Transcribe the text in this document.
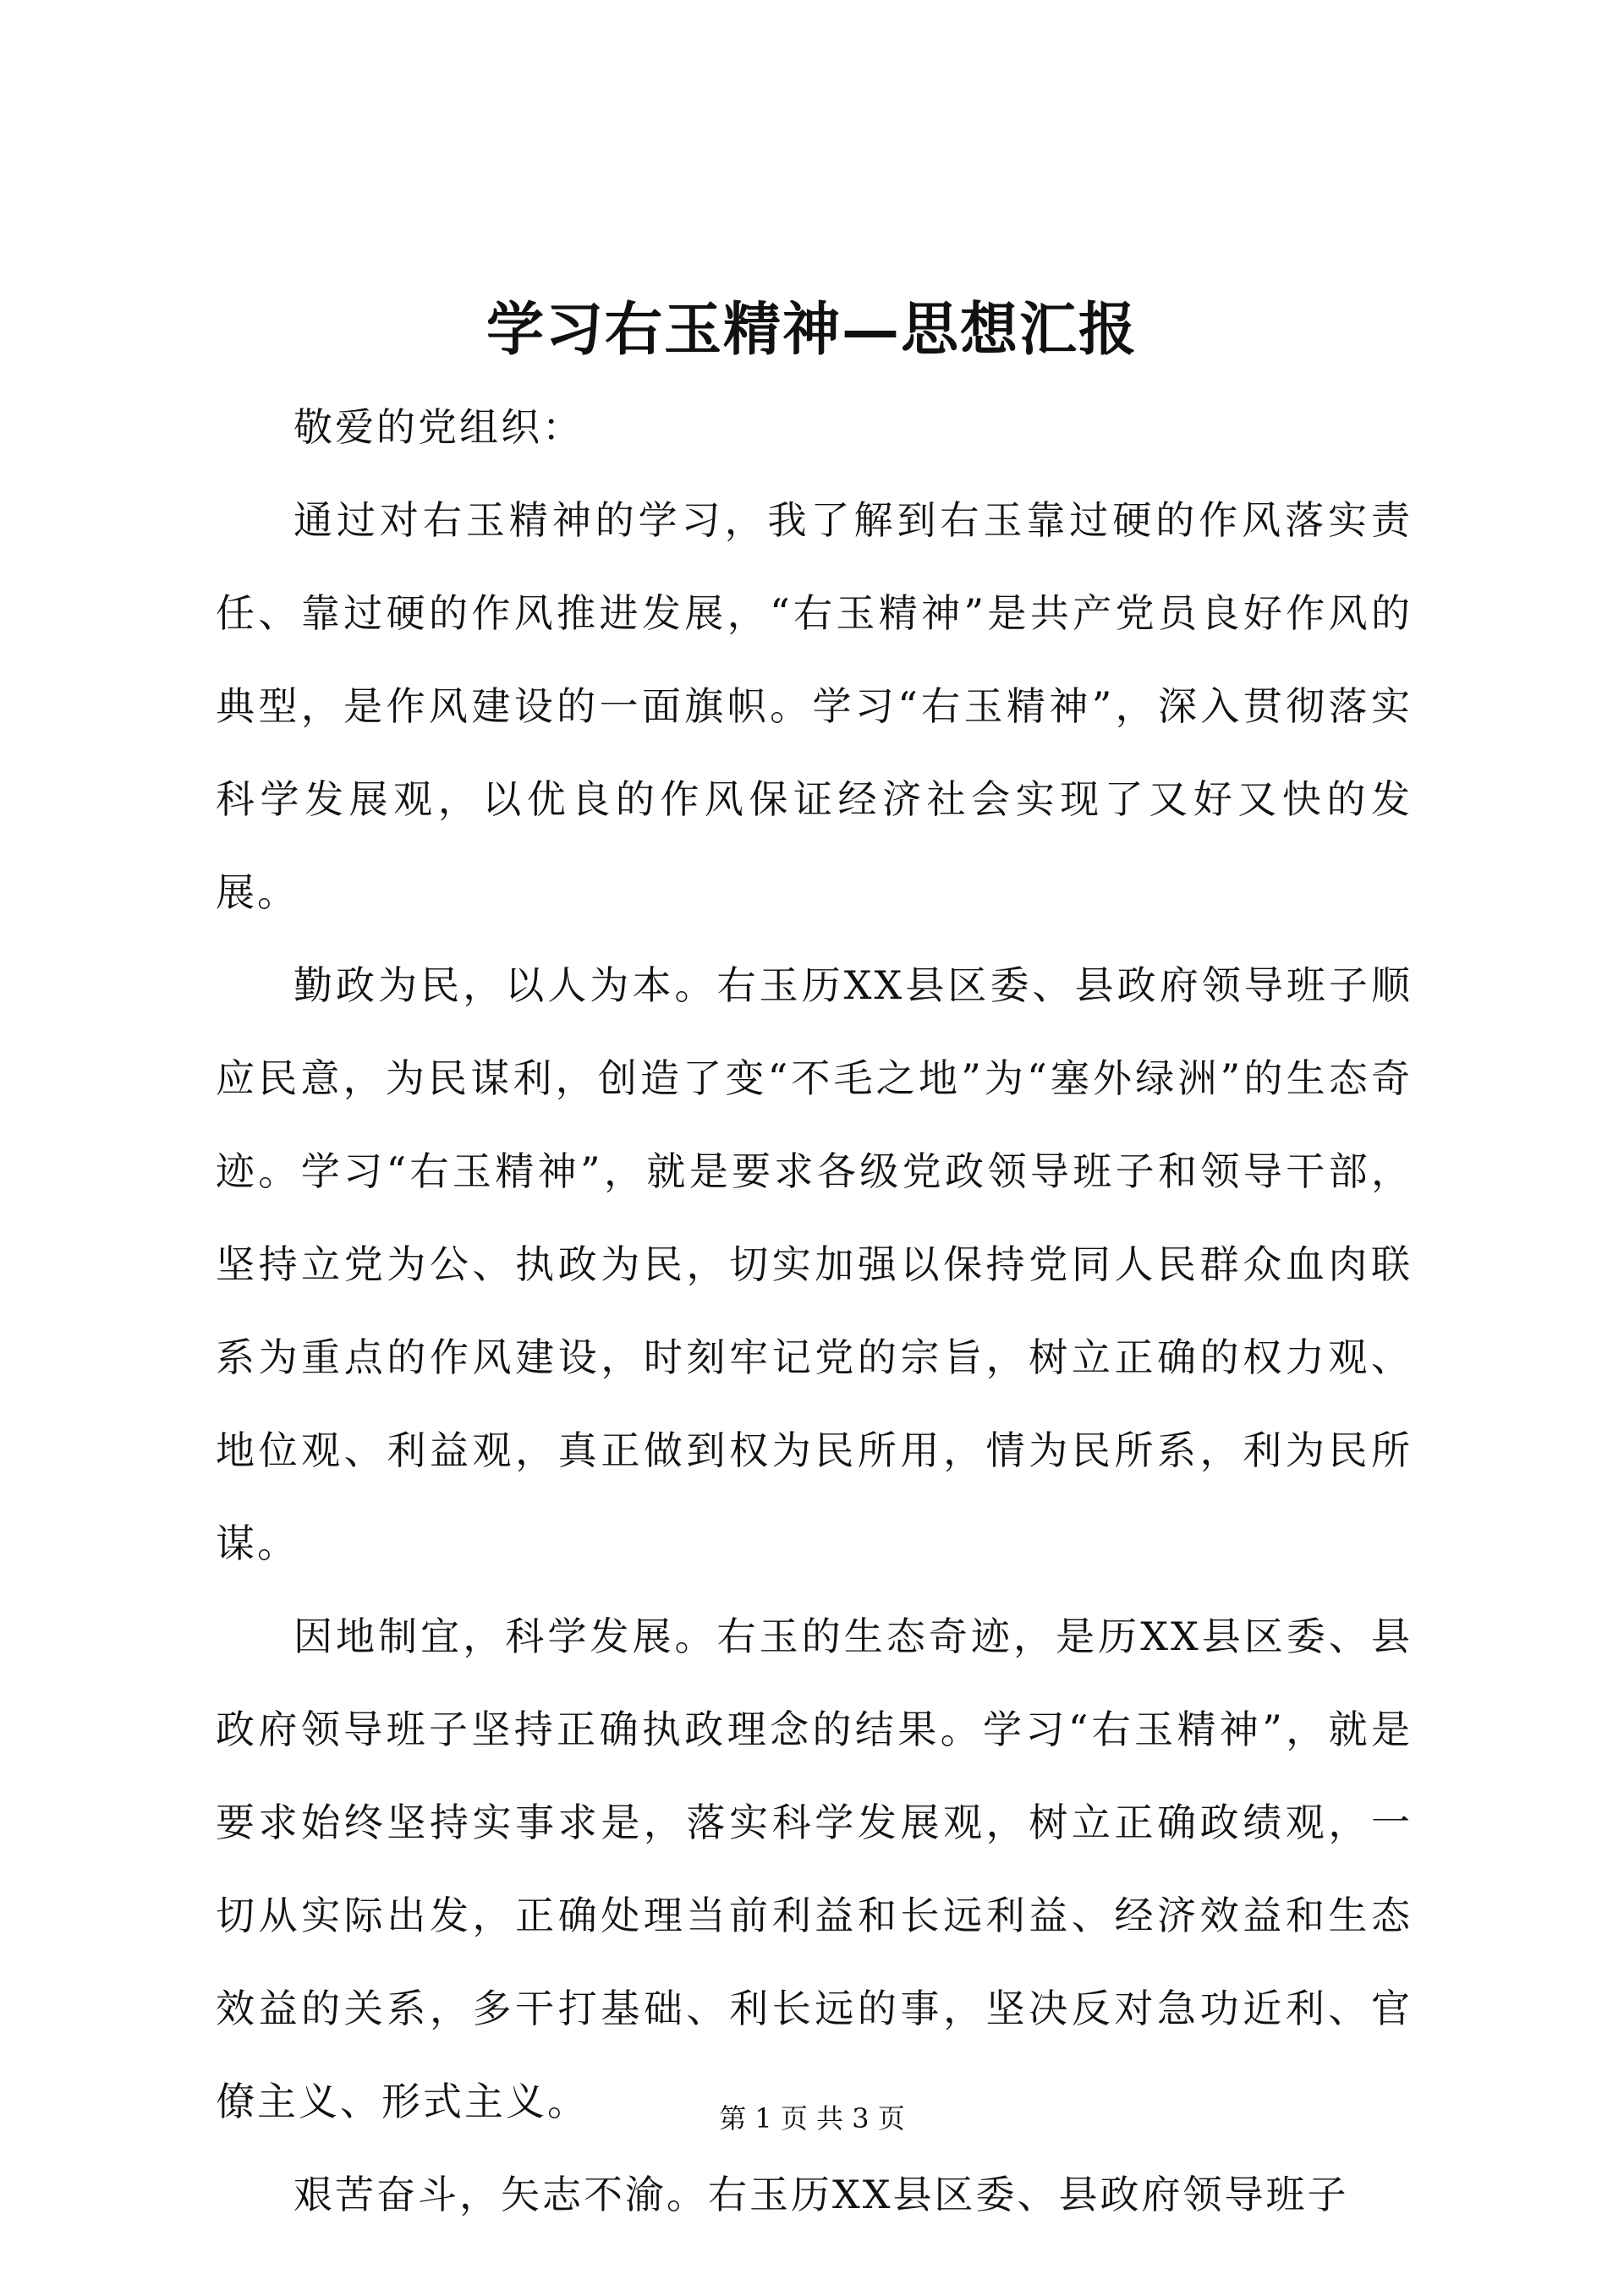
学习右玉精神—思想汇报

敬爱的党组织：

通过对右玉精神的学习，我了解到右玉靠过硬的作风落实责任、靠过硬的作风推进发展，“右玉精神”是共产党员良好作风的典型，是作风建设的一面旗帜。学习“右玉精神”，深入贯彻落实科学发展观，以优良的作风保证经济社会实现了又好又快的发展。

勤政为民，以人为本。右玉历XX县区委、县政府领导班子顺应民意，为民谋利，创造了变“不毛之地”为“塞外绿洲”的生态奇迹。学习“右玉精神”，就是要求各级党政领导班子和领导干部，坚持立党为公、执政为民，切实加强以保持党同人民群众血肉联系为重点的作风建设，时刻牢记党的宗旨，树立正确的权力观、地位观、利益观，真正做到权为民所用，情为民所系，利为民所谋。

因地制宜，科学发展。右玉的生态奇迹，是历XX县区委、县政府领导班子坚持正确执政理念的结果。学习“右玉精神”，就是要求始终坚持实事求是，落实科学发展观，树立正确政绩观，一切从实际出发，正确处理当前利益和长远利益、经济效益和生态效益的关系，多干打基础、利长远的事，坚决反对急功近利、官僚主义、形式主义。

艰苦奋斗，矢志不渝。右玉历XX县区委、县政府领导班子

第 1 页 共 3 页
